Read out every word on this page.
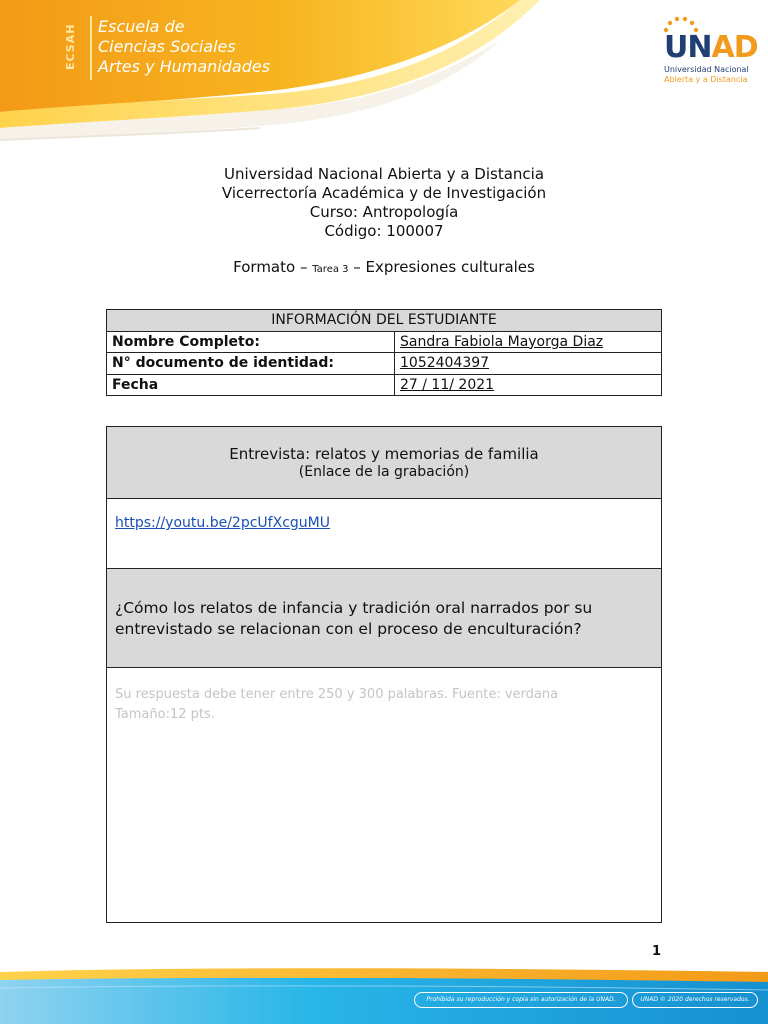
ECSAH	Escuela de
Ciencias Sociales
Artes y Humanidades
UNAD
Universidad Nacional
Abierta y a Distancia
Universidad Nacional Abierta y a Distancia
Vicerrectoría Académica y de Investigación
Curso: Antropología
Código: 100007
Formato – Tarea 3 – Expresiones culturales
INFORMACIÓN DEL ESTUDIANTE	
Nombre Completo:	Sandra Fabiola Mayorga Diaz
N° documento de identidad:	1052404397
Fecha	27 / 11/ 2021
Entrevista: relatos y memorias de familia
(Enlace de la grabación)
https://youtu.be/2pcUfXcguMU
¿Cómo los relatos de infancia y tradición oral narrados por su entrevistado se relacionan con el proceso de enculturación?
Su respuesta debe tener entre 250 y 300 palabras. Fuente: verdana
Tamaño:12 pts.
1
Prohibida su reproducción y copia sin autorización de la UNAD.	UNAD © 2020 derechos reservados.
